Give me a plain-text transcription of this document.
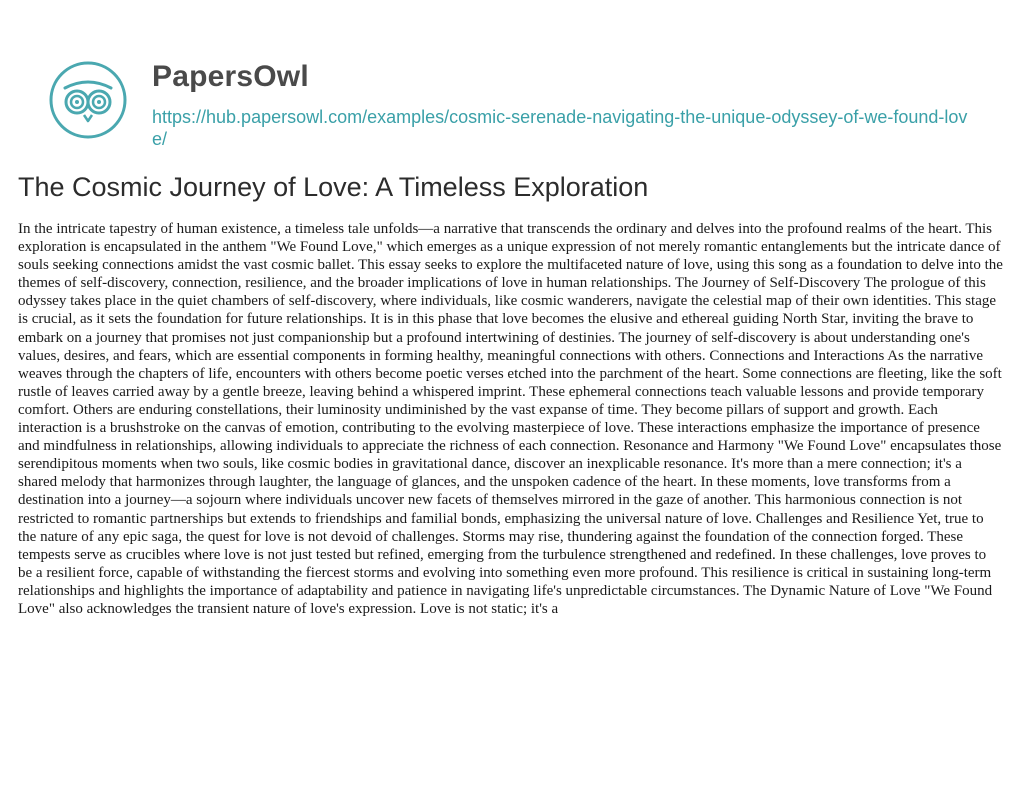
PapersOwl
https://hub.papersowl.com/examples/cosmic-serenade-navigating-the-unique-odyssey-of-we-found-love/
The Cosmic Journey of Love: A Timeless Exploration

In the intricate tapestry of human existence, a timeless tale unfolds—a narrative that transcends the ordinary and delves into the profound realms of the heart. This exploration is encapsulated in the anthem "We Found Love," which emerges as a unique expression of not merely romantic entanglements but the intricate dance of souls seeking connections amidst the vast cosmic ballet. This essay seeks to explore the multifaceted nature of love, using this song as a foundation to delve into the themes of self-discovery, connection, resilience, and the broader implications of love in human relationships. The Journey of Self-Discovery The prologue of this odyssey takes place in the quiet chambers of self-discovery, where individuals, like cosmic wanderers, navigate the celestial map of their own identities. This stage is crucial, as it sets the foundation for future relationships. It is in this phase that love becomes the elusive and ethereal guiding North Star, inviting the brave to embark on a journey that promises not just companionship but a profound intertwining of destinies. The journey of self-discovery is about understanding one's values, desires, and fears, which are essential components in forming healthy, meaningful connections with others. Connections and Interactions As the narrative weaves through the chapters of life, encounters with others become poetic verses etched into the parchment of the heart. Some connections are fleeting, like the soft rustle of leaves carried away by a gentle breeze, leaving behind a whispered imprint. These ephemeral connections teach valuable lessons and provide temporary comfort. Others are enduring constellations, their luminosity undiminished by the vast expanse of time. They become pillars of support and growth. Each interaction is a brushstroke on the canvas of emotion, contributing to the evolving masterpiece of love. These interactions emphasize the importance of presence and mindfulness in relationships, allowing individuals to appreciate the richness of each connection. Resonance and Harmony "We Found Love" encapsulates those serendipitous moments when two souls, like cosmic bodies in gravitational dance, discover an inexplicable resonance. It's more than a mere connection; it's a shared melody that harmonizes through laughter, the language of glances, and the unspoken cadence of the heart. In these moments, love transforms from a destination into a journey—a sojourn where individuals uncover new facets of themselves mirrored in the gaze of another. This harmonious connection is not restricted to romantic partnerships but extends to friendships and familial bonds, emphasizing the universal nature of love. Challenges and Resilience Yet, true to the nature of any epic saga, the quest for love is not devoid of challenges. Storms may rise, thundering against the foundation of the connection forged. These tempests serve as crucibles where love is not just tested but refined, emerging from the turbulence strengthened and redefined. In these challenges, love proves to be a resilient force, capable of withstanding the fiercest storms and evolving into something even more profound. This resilience is critical in sustaining long-term relationships and highlights the importance of adaptability and patience in navigating life's unpredictable circumstances. The Dynamic Nature of Love "We Found Love" also acknowledges the transient nature of love's expression. Love is not static; it's a
